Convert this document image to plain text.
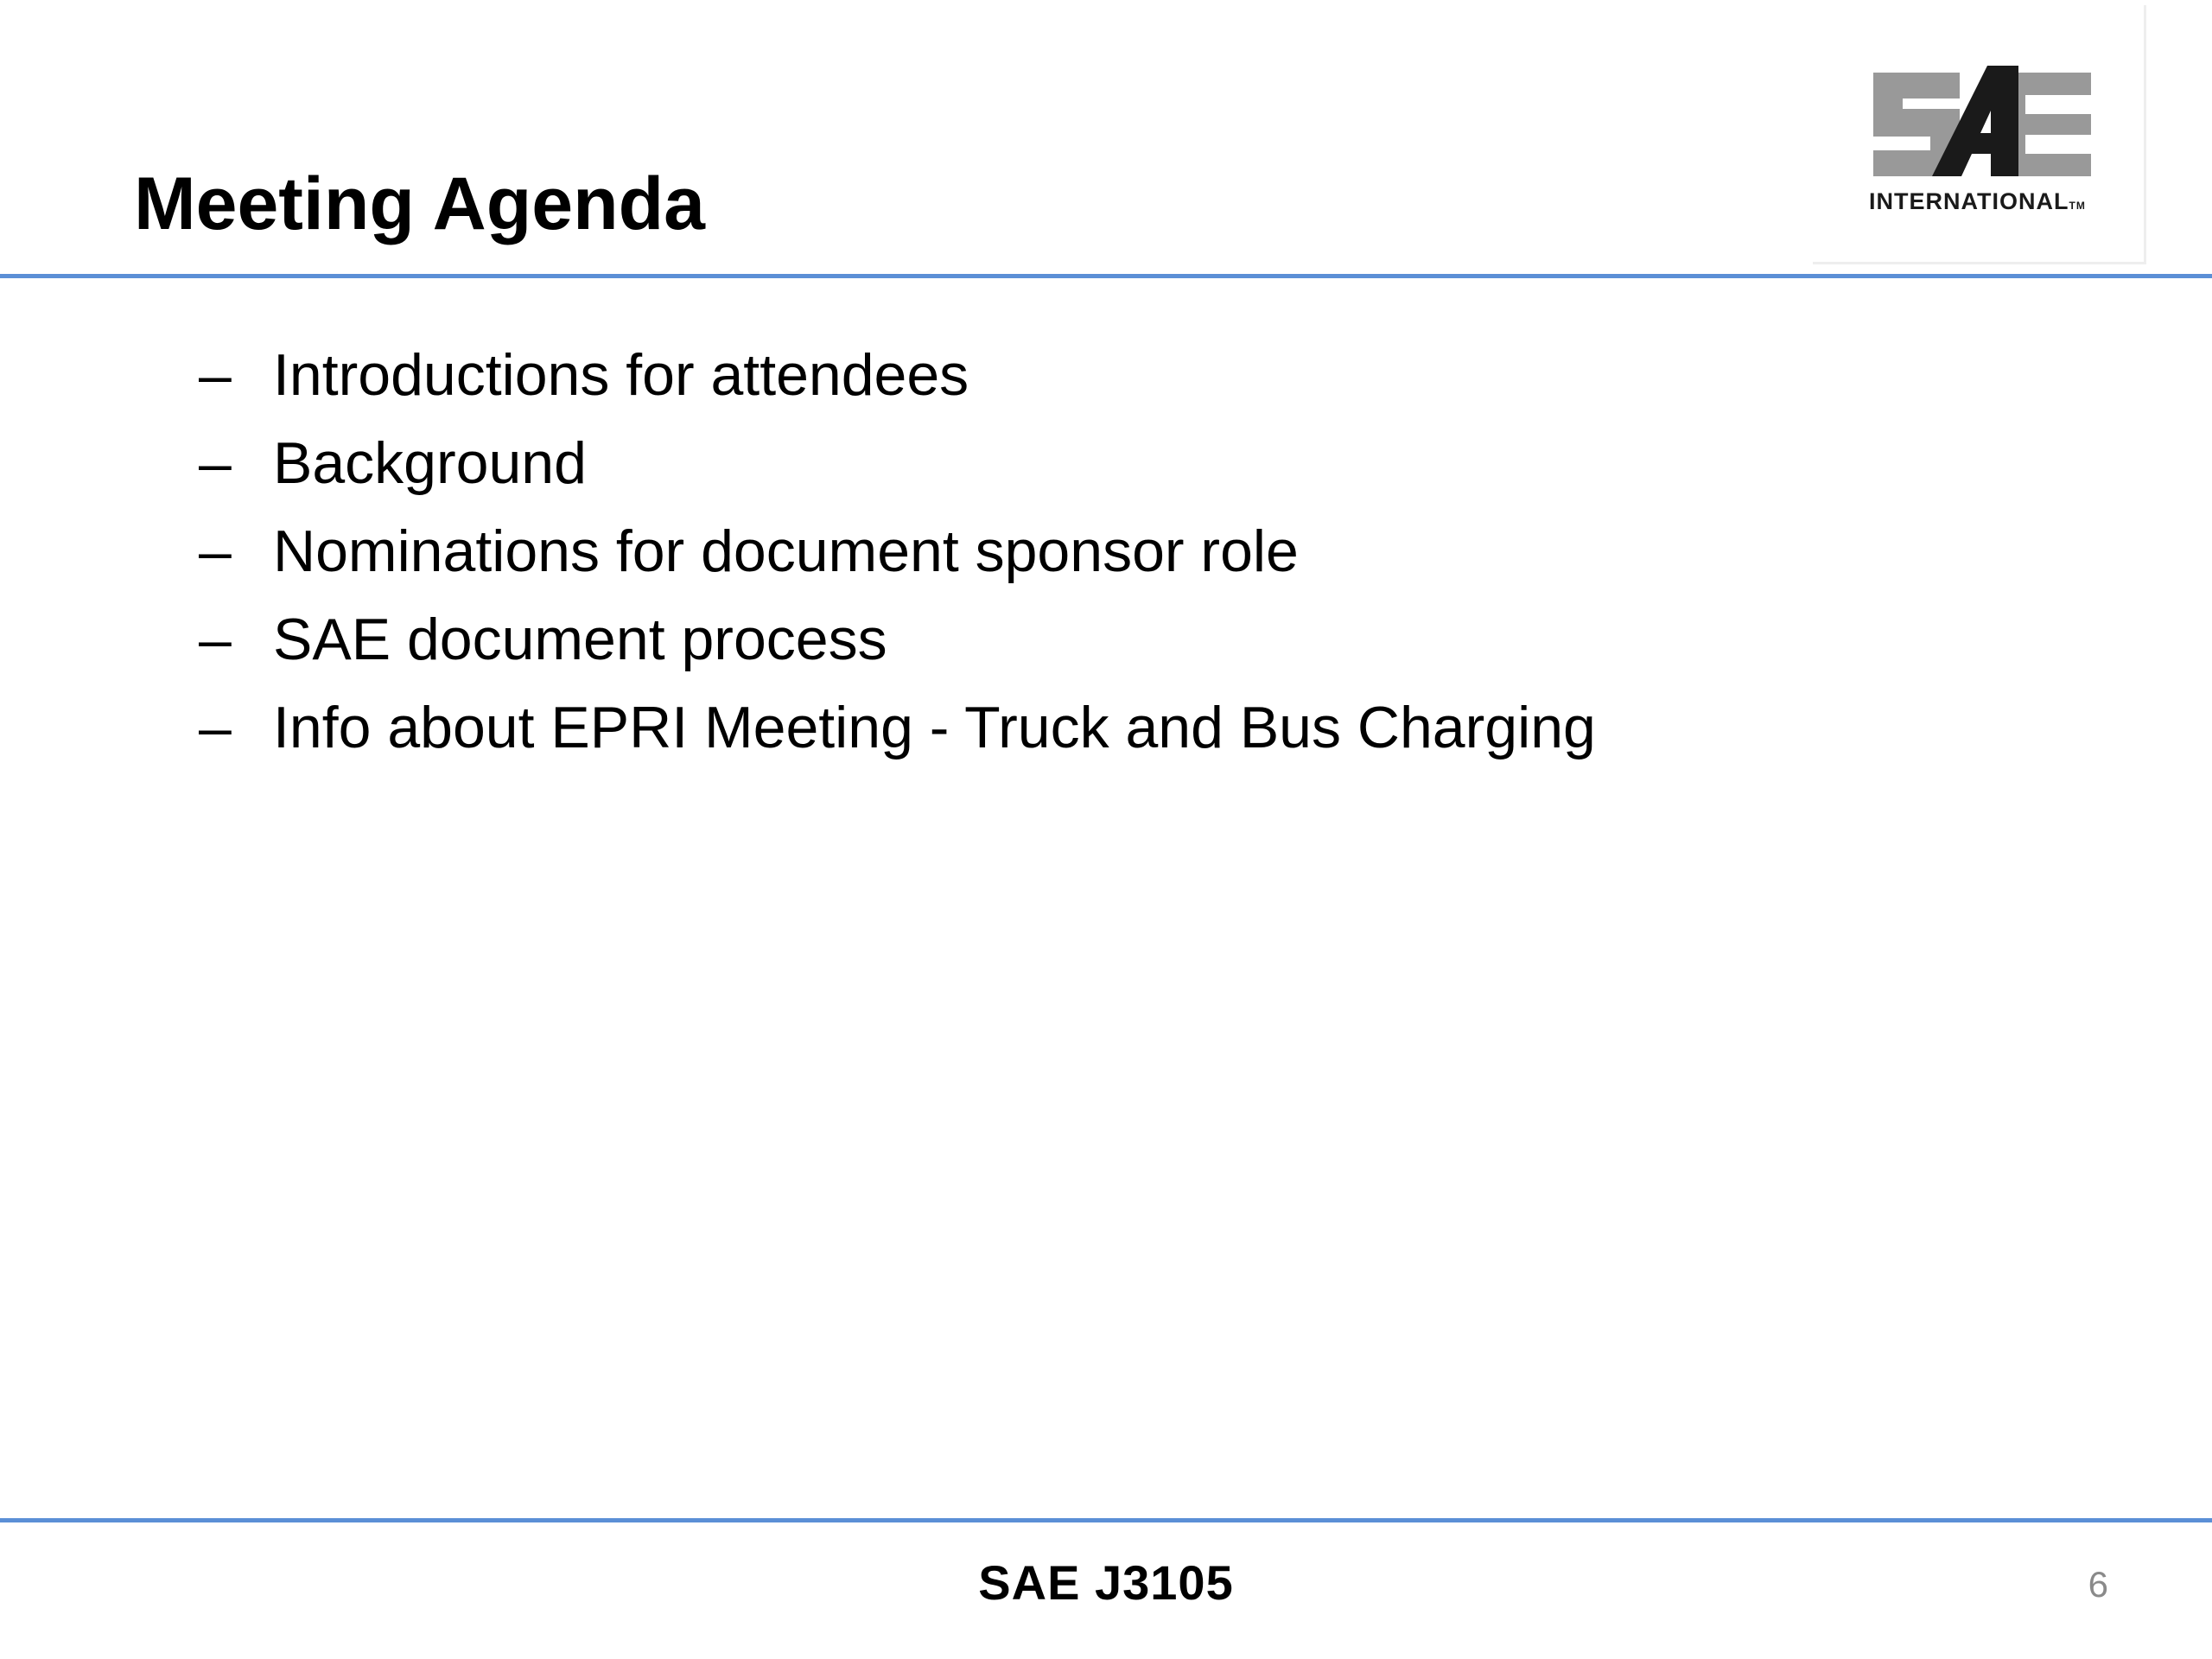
Meeting Agenda	INTERNATIONALTM
– Introductions for attendees
– Background
– Nominations for document sponsor role
– SAE document process
– Info about EPRI Meeting - Truck and Bus Charging
SAE J3105	6
